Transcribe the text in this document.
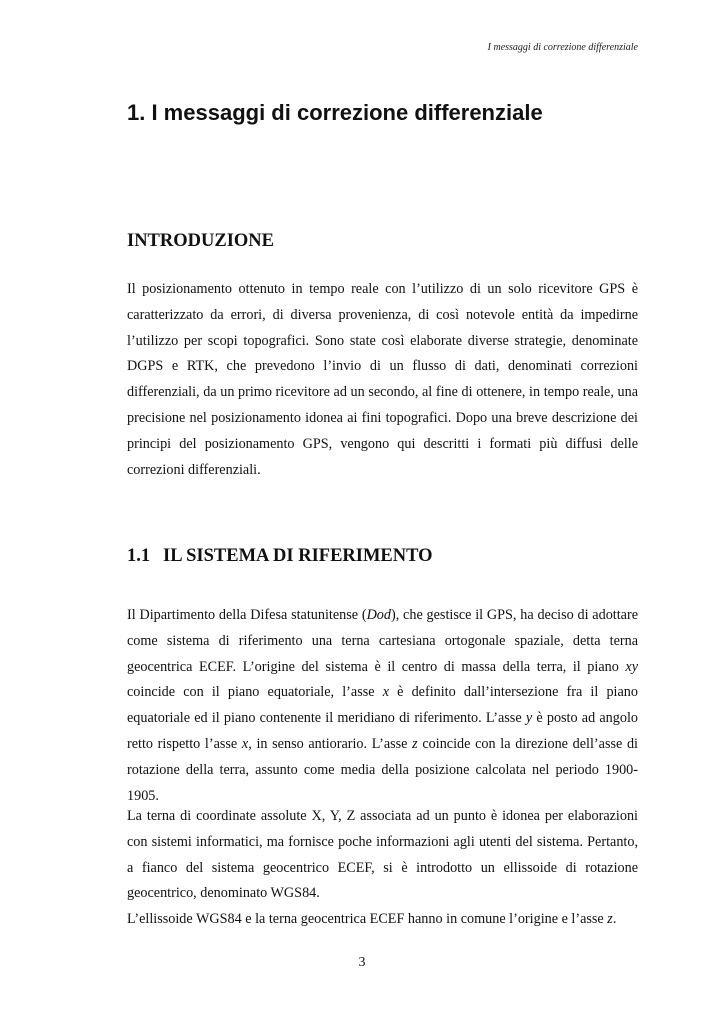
I messaggi di correzione differenziale
1. I messaggi di correzione differenziale
INTRODUZIONE

Il posizionamento ottenuto in tempo reale con l’utilizzo di un solo ricevitore GPS è caratterizzato da errori, di diversa provenienza, di così notevole entità da impedirne l’utilizzo per scopi topografici. Sono state così elaborate diverse strategie, denominate DGPS e RTK, che prevedono l’invio di un flusso di dati, denominati correzioni differenziali, da un primo ricevitore ad un secondo, al fine di ottenere, in tempo reale, una precisione nel posizionamento idonea ai fini topografici. Dopo una breve descrizione dei principi del posizionamento GPS, vengono qui descritti i formati più diffusi delle correzioni differenziali.

1.1 IL SISTEMA DI RIFERIMENTO

Il Dipartimento della Difesa statunitense (Dod), che gestisce il GPS, ha deciso di adottare come sistema di riferimento una terna cartesiana ortogonale spaziale, detta terna geocentrica ECEF. L’origine del sistema è il centro di massa della terra, il piano xy coincide con il piano equatoriale, l’asse x è definito dall’intersezione fra il piano equatoriale ed il piano contenente il meridiano di riferimento. L’asse y è posto ad angolo retto rispetto l’asse x, in senso antiorario. L’asse z coincide con la direzione dell’asse di rotazione della terra, assunto come media della posizione calcolata nel periodo 1900-1905.

La terna di coordinate assolute X, Y, Z associata ad un punto è idonea per elaborazioni con sistemi informatici, ma fornisce poche informazioni agli utenti del sistema. Pertanto, a fianco del sistema geocentrico ECEF, si è introdotto un ellissoide di rotazione geocentrico, denominato WGS84.

L’ellissoide WGS84 e la terna geocentrica ECEF hanno in comune l’origine e l’asse z.

3
